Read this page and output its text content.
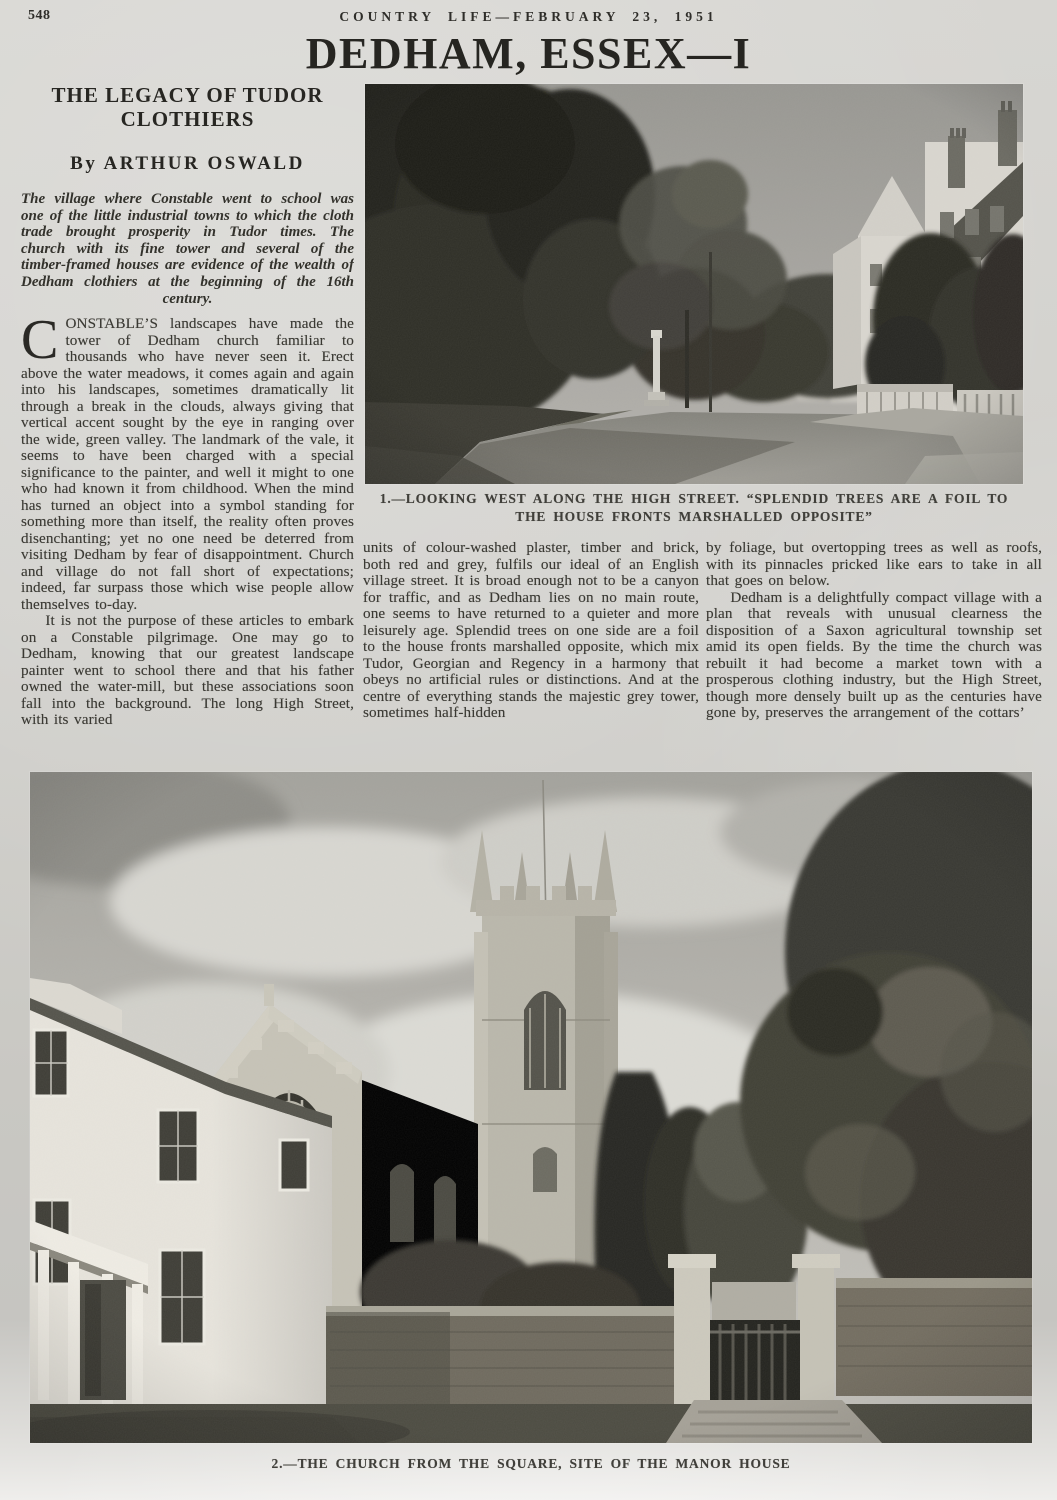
548	COUNTRY LIFE—FEBRUARY 23, 1951
DEDHAM, ESSEX—I
THE LEGACY OF TUDOR CLOTHIERS
By ARTHUR OSWALD
The village where Constable went to school was one of the little industrial towns to which the cloth trade brought prosperity in Tudor times. The church with its fine tower and several of the timber-framed houses are evidence of the wealth of Dedham clothiers at the beginning of the 16th century.
CONSTABLE’S landscapes have made the tower of Dedham church familiar to thousands who have never seen it. Erect above the water meadows, it comes again and again into his landscapes, sometimes dramatically lit through a break in the clouds, always giving that vertical accent sought by the eye in ranging over the wide, green valley. The landmark of the vale, it seems to have been charged with a special significance to the painter, and well it might to one who had known it from childhood. When the mind has turned an object into a symbol standing for something more than itself, the reality often proves disenchanting; yet no one need be deterred from visiting Dedham by fear of disappointment. Church and village do not fall short of expectations; indeed, far surpass those which wise people allow themselves to-day.
It is not the purpose of these articles to embark on a Constable pilgrimage. One may go to Dedham, knowing that our greatest landscape painter went to school there and that his father owned the water-mill, but these associations soon fall into the background. The long High Street, with its varied
1.—LOOKING WEST ALONG THE HIGH STREET. “SPLENDID TREES ARE A FOIL TO THE HOUSE FRONTS MARSHALLED OPPOSITE”
units of colour-washed plaster, timber and brick, both red and grey, fulfils our ideal of an English village street. It is broad enough not to be a canyon for traffic, and as Dedham lies on no main route, one seems to have returned to a quieter and more leisurely age. Splendid trees on one side are a foil to the house fronts marshalled opposite, which mix Tudor, Georgian and Regency in a harmony that obeys no artificial rules or distinctions. And at the centre of everything stands the majestic grey tower, sometimes half-hidden
by foliage, but overtopping trees as well as roofs, with its pinnacles pricked like ears to take in all that goes on below.
Dedham is a delightfully compact village with a plan that reveals with unusual clearness the disposition of a Saxon agricultural township set amid its open fields. By the time the church was rebuilt it had become a market town with a prosperous clothing industry, but the High Street, though more densely built up as the centuries have gone by, preserves the arrangement of the cottars’
2.—THE CHURCH FROM THE SQUARE, SITE OF THE MANOR HOUSE
